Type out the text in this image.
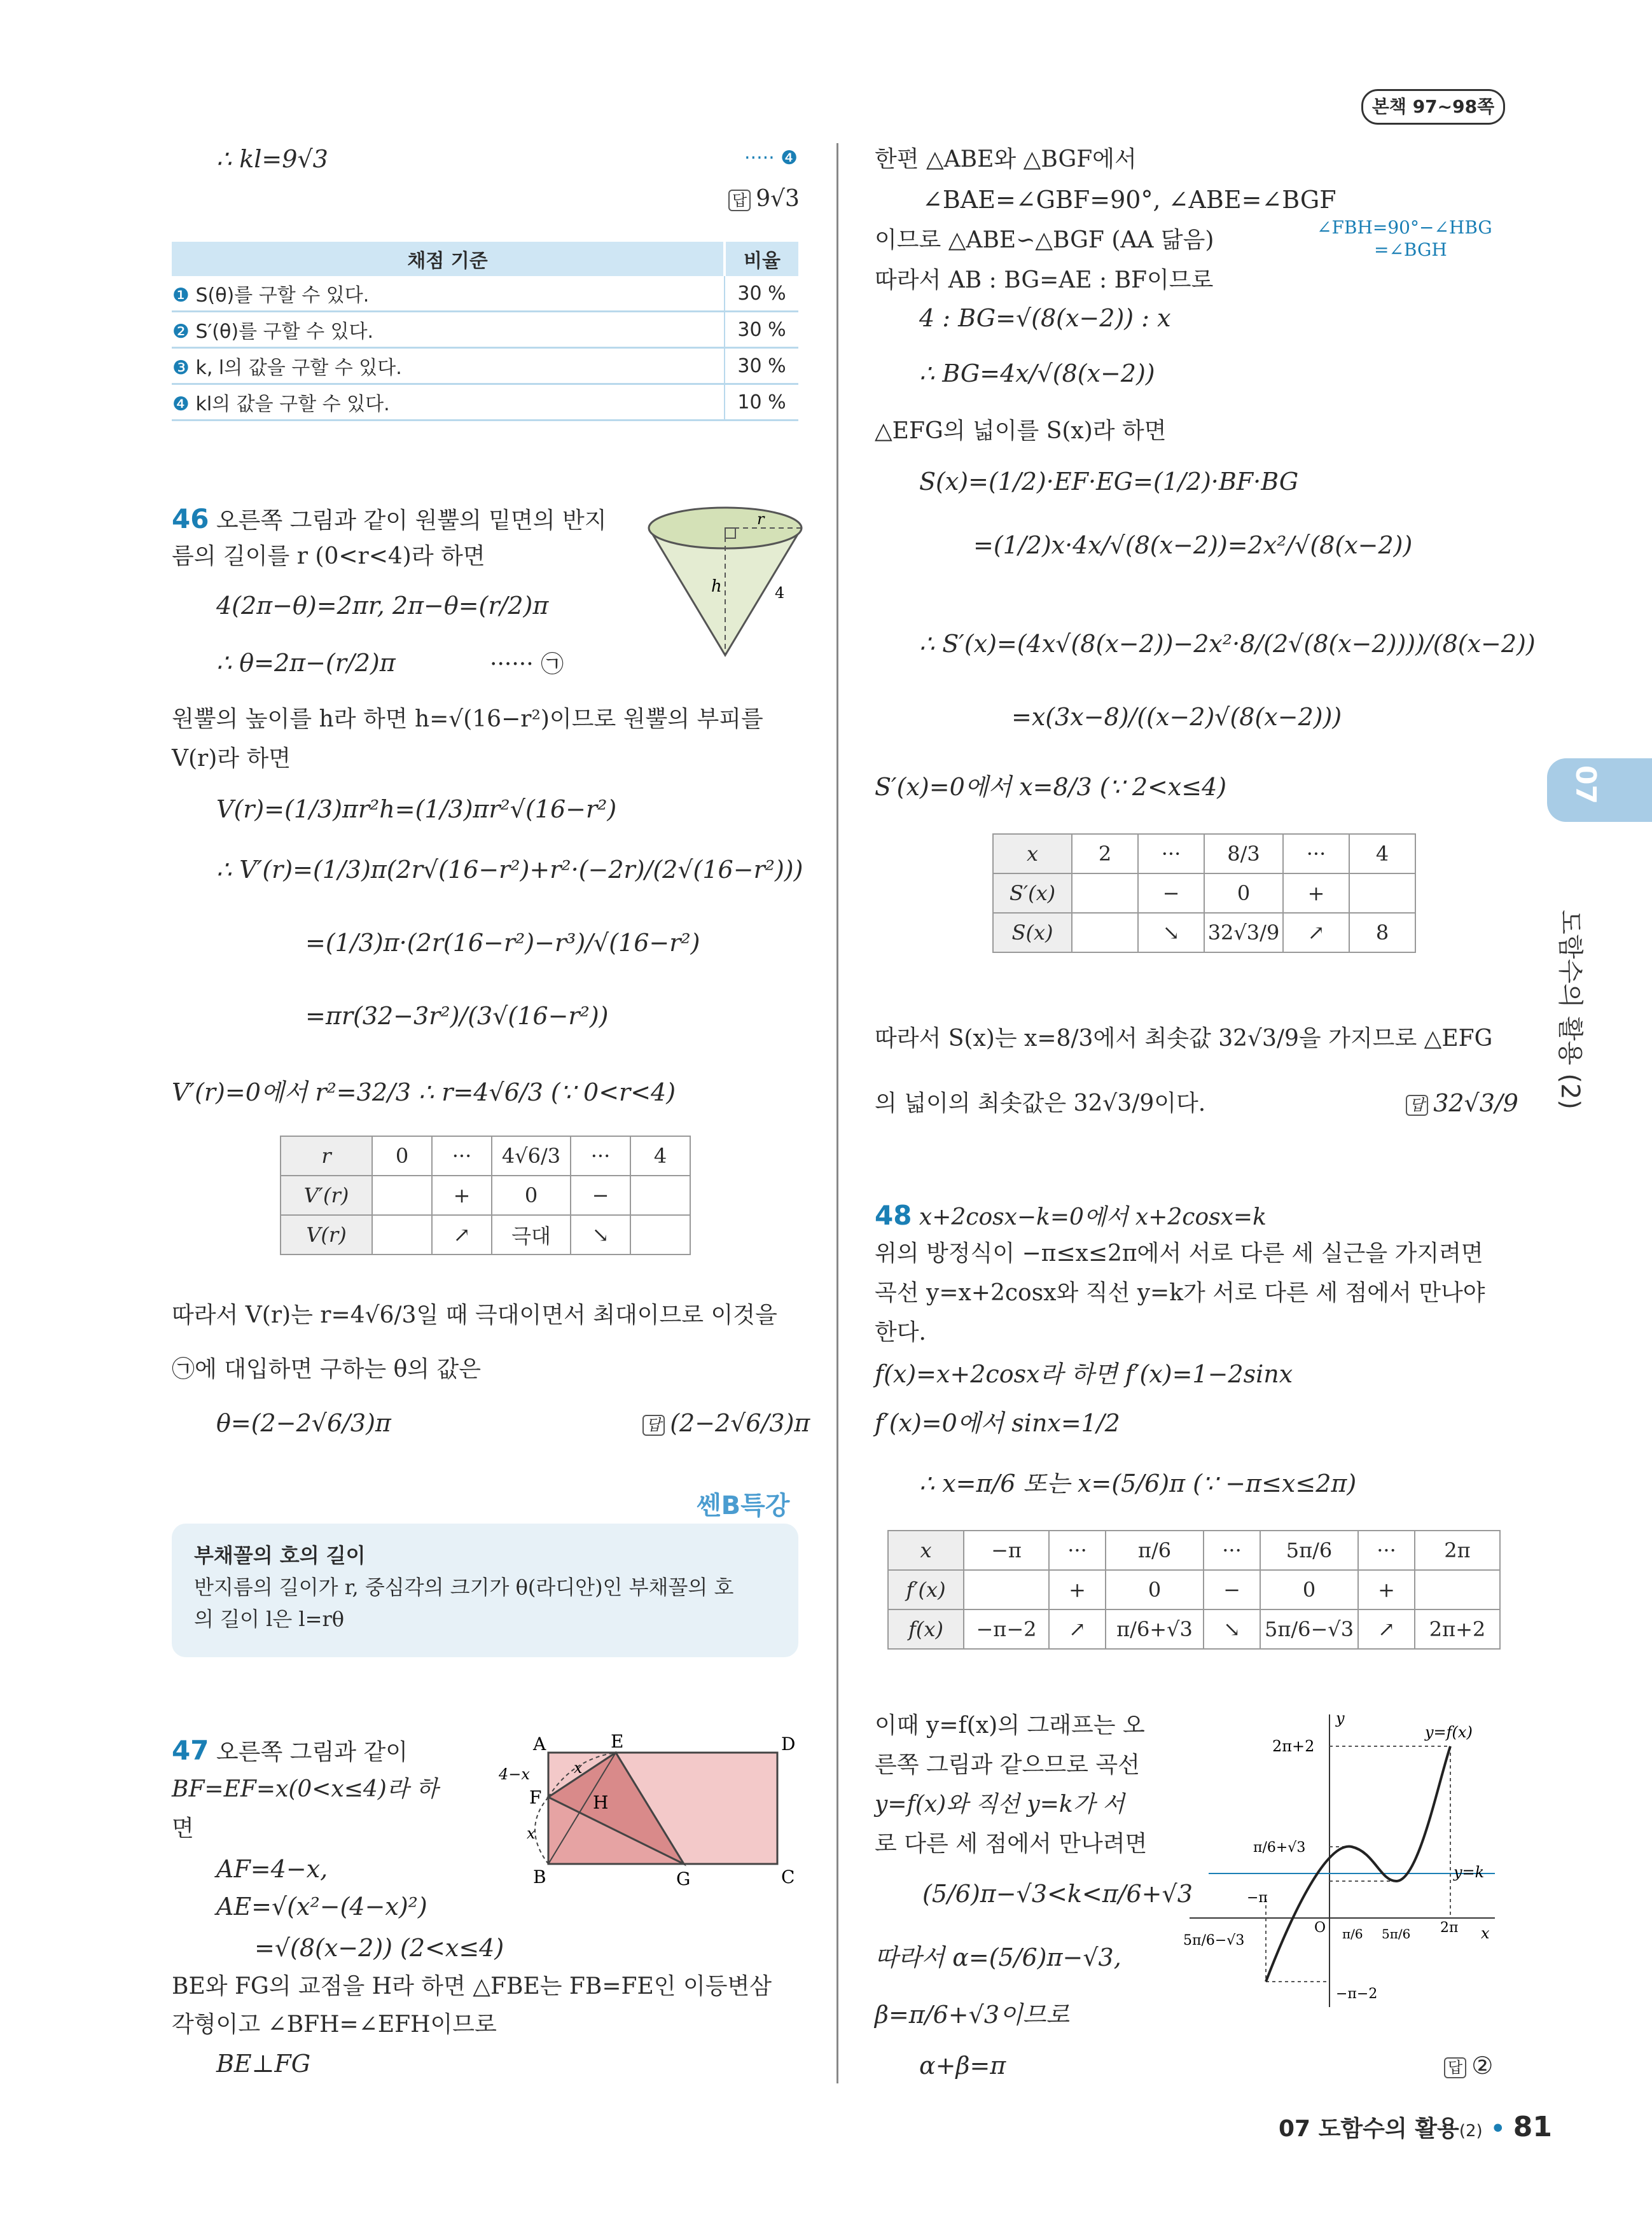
본책 97~98쪽
07
도함수의 활용 (2)
∴ kl=9√3	····· ❹
답 9√3
채점 기준	비율
❶ S(θ)를 구할 수 있다.	30 %
❷ S′(θ)를 구할 수 있다.	30 %
❸ k, l의 값을 구할 수 있다.	30 %
❹ kl의 값을 구할 수 있다.	10 %
46 오른쪽 그림과 같이 원뿔의 밑면의 반지
름의 길이를 r (0<r<4)라 하면
4(2π−θ)=2πr, 2π−θ=(r/2)π
∴ θ=2π−(r/2)π	······ ㉠
원뿔의 높이를 h라 하면 h=√(16−r²)이므로 원뿔의 부피를
V(r)라 하면
V(r)=(1/3)πr²h=(1/3)πr²√(16−r²)
∴ V′(r)=(1/3)π(2r√(16−r²)+r²·(−2r)/(2√(16−r²)))
=(1/3)π·(2r(16−r²)−r³)/√(16−r²)
=πr(32−3r²)/(3√(16−r²))
V′(r)=0에서 r²=32/3 ∴ r=4√6/3 (∵ 0<r<4)
r
h	4
r	0	···	4√6/3	···	4
V′(r)		+	0	−	
V(r)		↗	극대	↘	
따라서 V(r)는 r=4√6/3일 때 극대이면서 최대이므로 이것을
㉠에 대입하면 구하는 θ의 값은
θ=(2−2√6/3)π	답 (2−2√6/3)π
쎈B특강
부채꼴의 호의 길이
반지름의 길이가 r, 중심각의 크기가 θ(라디안)인 부채꼴의 호
의 길이 l은 l=rθ
47 오른쪽 그림과 같이
BF=EF=x(0<x≤4)라 하
면
AF=4−x,
AE=√(x²−(4−x)²)
=√(8(x−2)) (2<x≤4)
BE와 FG의 교점을 H라 하면 △FBE는 FB=FE인 이등변삼
각형이고 ∠BFH=∠EFH이므로
BE⊥FG
A	E	D
F	H
B	G	C
4−x
x
x
한편 △ABE와 △BGF에서
∠BAE=∠GBF=90°, ∠ABE=∠BGF
∠FBH=90°−∠HBG
=∠BGH
이므로 △ABE∽△BGF (AA 닮음)
따라서 AB : BG=AE : BF이므로
4 : BG=√(8(x−2)) : x
∴ BG=4x/√(8(x−2))
△EFG의 넓이를 S(x)라 하면
S(x)=(1/2)·EF·EG=(1/2)·BF·BG
=(1/2)x·4x/√(8(x−2))=2x²/√(8(x−2))
∴ S′(x)=(4x√(8(x−2))−2x²·8/(2√(8(x−2))))/(8(x−2))
=x(3x−8)/((x−2)√(8(x−2)))
S′(x)=0에서 x=8/3 (∵ 2<x≤4)
x	2	···	8/3	···	4
S′(x)		−	0	+	
S(x)		↘	32√3/9	↗	8
따라서 S(x)는 x=8/3에서 최솟값 32√3/9을 가지므로 △EFG
의 넓이의 최솟값은 32√3/9이다.	답 32√3/9
48 x+2cosx−k=0에서 x+2cosx=k
위의 방정식이 −π≤x≤2π에서 서로 다른 세 실근을 가지려면
곡선 y=x+2cosx와 직선 y=k가 서로 다른 세 점에서 만나야
한다.
f(x)=x+2cosx라 하면 f′(x)=1−2sinx
f′(x)=0에서 sinx=1/2
∴ x=π/6 또는 x=(5/6)π (∵ −π≤x≤2π)
x	−π	···	π/6	···	5π/6	···	2π
f′(x)		+	0	−	0	+	
f(x)	−π−2	↗	π/6+√3	↘	5π/6−√3	↗	2π+2
이때 y=f(x)의 그래프는 오
른쪽 그림과 같으므로 곡선
y=f(x)와 직선 y=k가 서
로 다른 세 점에서 만나려면
(5/6)π−√3<k<π/6+√3
따라서 α=(5/6)π−√3,
β=π/6+√3이므로
α+β=π	답 ②
y
x
y=f(x)
y=k
2π+2
π/6+√3
−π
5π/6−√3
O π/6 5π/6 2π
−π−2
07 도함수의 활용(2) • 81
